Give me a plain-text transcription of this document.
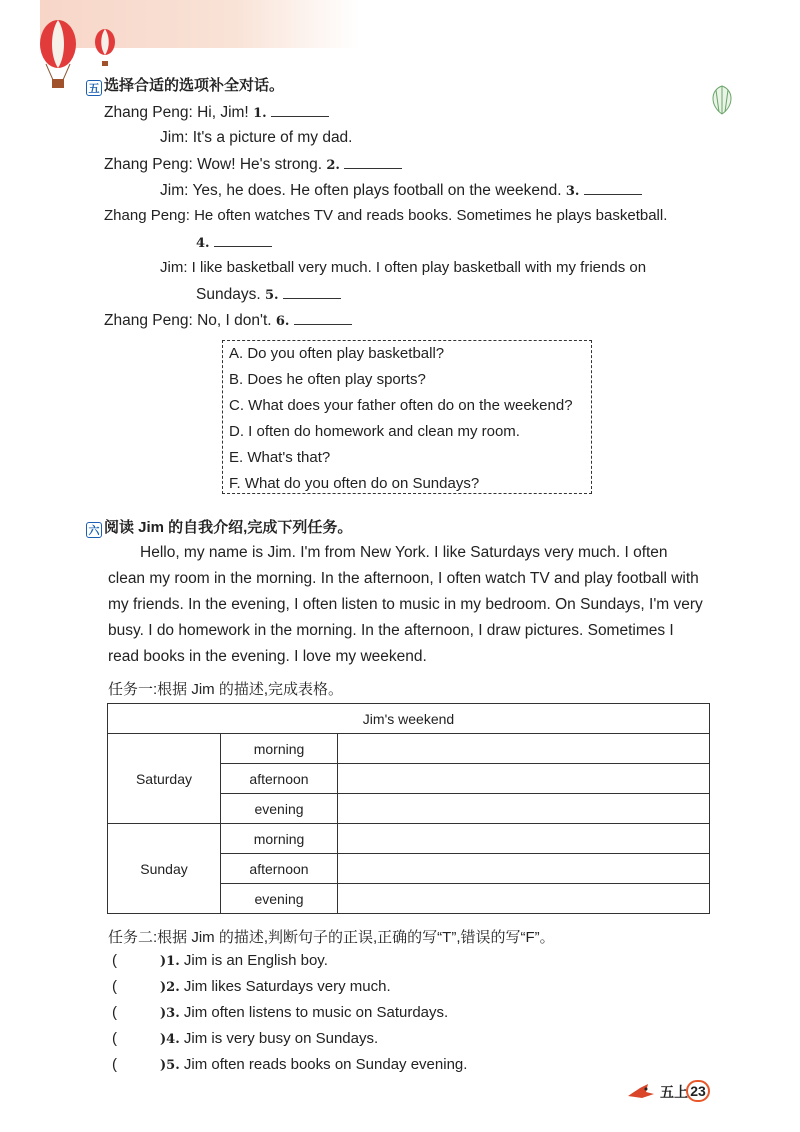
五 选择合适的选项补全对话。
Zhang Peng: Hi, Jim! 1.
Jim: It's a picture of my dad.
Zhang Peng: Wow! He's strong. 2.
Jim: Yes, he does. He often plays football on the weekend. 3.
Zhang Peng: He often watches TV and reads books. Sometimes he plays basketball.
4.
Jim: I like basketball very much. I often play basketball with my friends on
Sundays. 5.
Zhang Peng: No, I don't. 6.
A. Do you often play basketball?
B. Does he often play sports?
C. What does your father often do on the weekend?
D. I often do homework and clean my room.
E. What's that?
F. What do you often do on Sundays?
六 阅读 Jim 的自我介绍,完成下列任务。
Hello, my name is Jim. I'm from New York. I like Saturdays very much. I often
clean my room in the morning. In the afternoon, I often watch TV and play football with
my friends. In the evening, I often listen to music in my bedroom. On Sundays, I'm very
busy. I do homework in the morning. In the afternoon, I draw pictures. Sometimes I
read books in the evening. I love my weekend.
任务一:根据 Jim 的描述,完成表格。
Jim's weekend		
Saturday	morning	
	afternoon	
	evening	
Sunday	morning	
	afternoon	
	evening	
任务二:根据 Jim 的描述,判断句子的正误,正确的写“T”,错误的写“F”。
(	)1. Jim is an English boy.
(	)2. Jim likes Saturdays very much.
(	)3. Jim often listens to music on Saturdays.
(	)4. Jim is very busy on Sundays.
(	)5. Jim often reads books on Sunday evening.
五上 23
